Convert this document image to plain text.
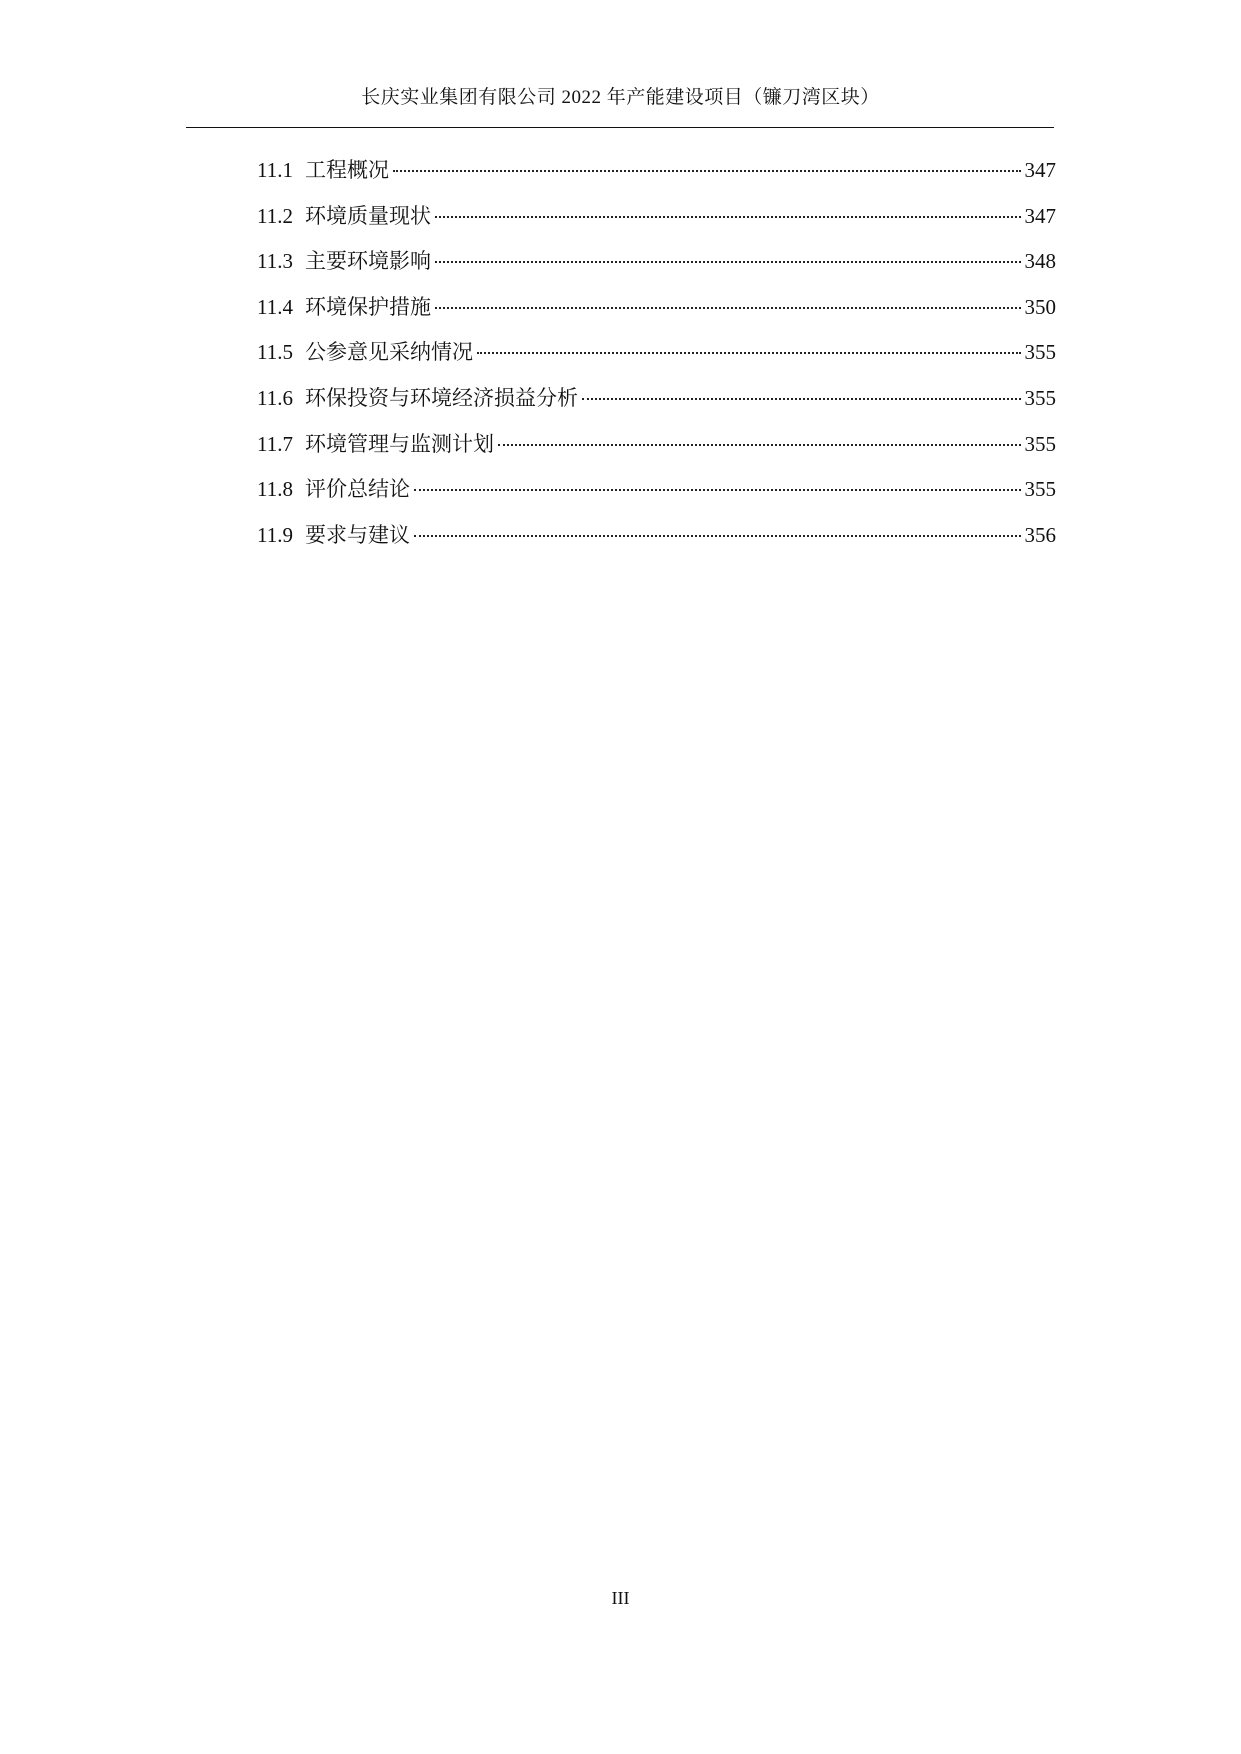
长庆实业集团有限公司 2022 年产能建设项目（镰刀湾区块）
11.1 工程概况	347
11.2 环境质量现状	347
11.3 主要环境影响	348
11.4 环境保护措施	350
11.5 公参意见采纳情况	355
11.6 环保投资与环境经济损益分析	355
11.7 环境管理与监测计划	355
11.8 评价总结论	355
11.9 要求与建议	356
III
